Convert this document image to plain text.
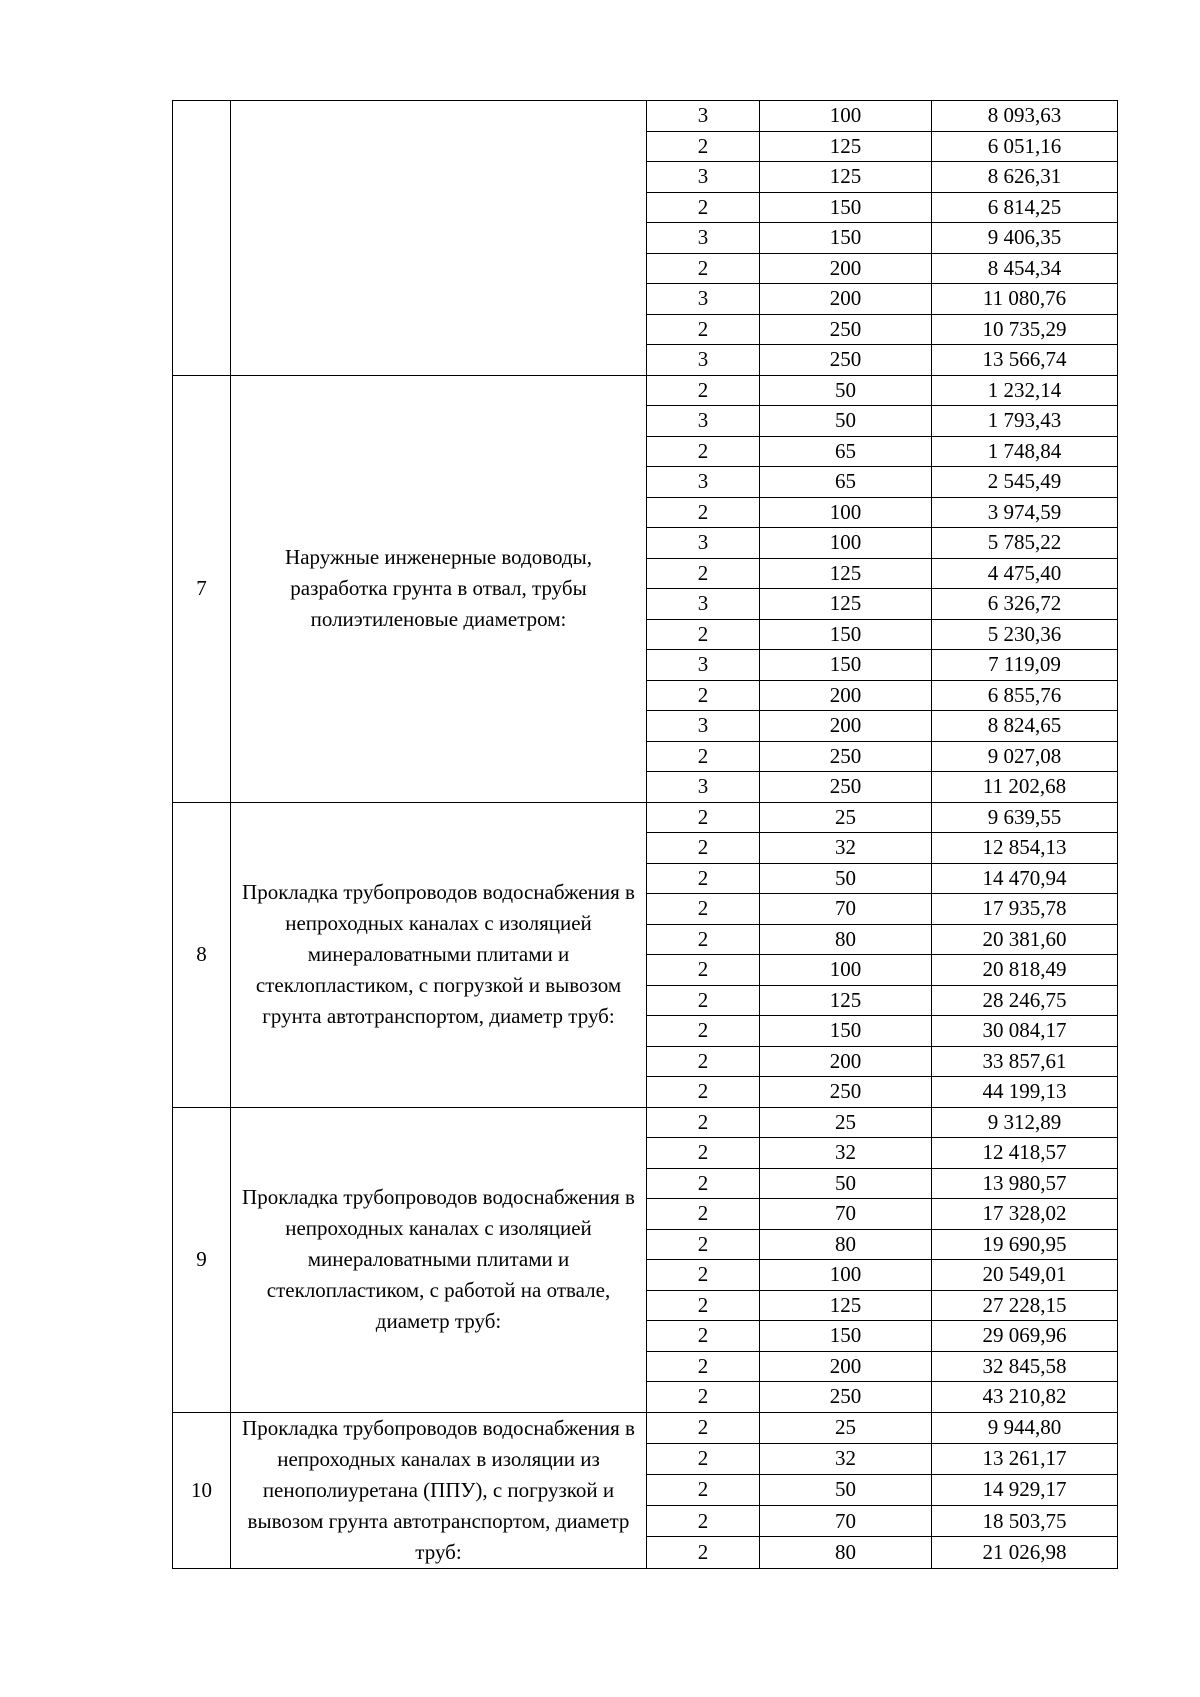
		3	100	8 093,63
		2	125	6 051,16
		3	125	8 626,31
		2	150	6 814,25
		3	150	9 406,35
		2	200	8 454,34
		3	200	11 080,76
		2	250	10 735,29
		3	250	13 566,74
7	Наружные инженерные водоводы, разработка грунта в отвал, трубы полиэтиленовые диаметром:	2	50	1 232,14
		3	50	1 793,43
		2	65	1 748,84
		3	65	2 545,49
		2	100	3 974,59
		3	100	5 785,22
		2	125	4 475,40
		3	125	6 326,72
		2	150	5 230,36
		3	150	7 119,09
		2	200	6 855,76
		3	200	8 824,65
		2	250	9 027,08
		3	250	11 202,68
8	Прокладка трубопроводов водоснабжения в непроходных каналах с изоляцией минераловатными плитами и стеклопластиком, с погрузкой и вывозом грунта автотранспортом, диаметр труб:	2	25	9 639,55
		2	32	12 854,13
		2	50	14 470,94
		2	70	17 935,78
		2	80	20 381,60
		2	100	20 818,49
		2	125	28 246,75
		2	150	30 084,17
		2	200	33 857,61
		2	250	44 199,13
9	Прокладка трубопроводов водоснабжения в непроходных каналах с изоляцией минераловатными плитами и стеклопластиком, с работой на отвале, диаметр труб:	2	25	9 312,89
		2	32	12 418,57
		2	50	13 980,57
		2	70	17 328,02
		2	80	19 690,95
		2	100	20 549,01
		2	125	27 228,15
		2	150	29 069,96
		2	200	32 845,58
		2	250	43 210,82
10	Прокладка трубопроводов водоснабжения в непроходных каналах в изоляции из пенополиуретана (ППУ), с погрузкой и вывозом грунта автотранспортом, диаметр труб:	2	25	9 944,80
		2	32	13 261,17
		2	50	14 929,17
		2	70	18 503,75
		2	80	21 026,98
